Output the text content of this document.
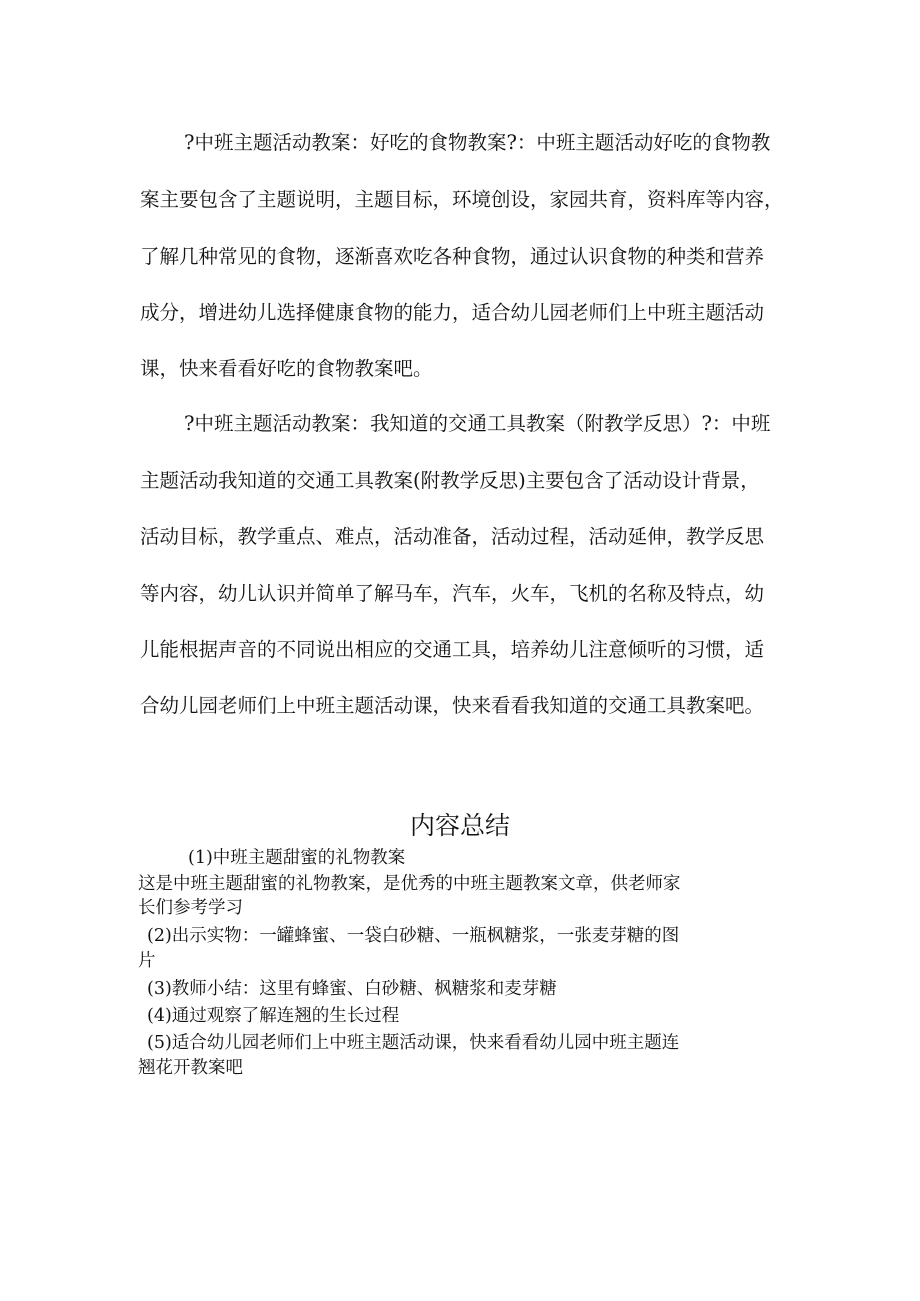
?中班主题活动教案：好吃的食物教案?：中班主题活动好吃的食物教
案主要包含了主题说明，主题目标，环境创设，家园共育，资料库等内容，
了解几种常见的食物，逐渐喜欢吃各种食物，通过认识食物的种类和营养
成分，增进幼儿选择健康食物的能力，适合幼儿园老师们上中班主题活动
课，快来看看好吃的食物教案吧。
?中班主题活动教案：我知道的交通工具教案（附教学反思）?：中班
主题活动我知道的交通工具教案(附教学反思)主要包含了活动设计背景，
活动目标，教学重点、难点，活动准备，活动过程，活动延伸，教学反思
等内容，幼儿认识并简单了解马车，汽车，火车，飞机的名称及特点，幼
儿能根据声音的不同说出相应的交通工具，培养幼儿注意倾听的习惯，适
合幼儿园老师们上中班主题活动课，快来看看我知道的交通工具教案吧。
内容总结
(1)中班主题甜蜜的礼物教案
这是中班主题甜蜜的礼物教案，是优秀的中班主题教案文章，供老师家
长们参考学习
(2)出示实物：一罐蜂蜜、一袋白砂糖、一瓶枫糖浆，一张麦芽糖的图
片
(3)教师小结：这里有蜂蜜、白砂糖、枫糖浆和麦芽糖
(4)通过观察了解连翘的生长过程
(5)适合幼儿园老师们上中班主题活动课，快来看看幼儿园中班主题连
翘花开教案吧
